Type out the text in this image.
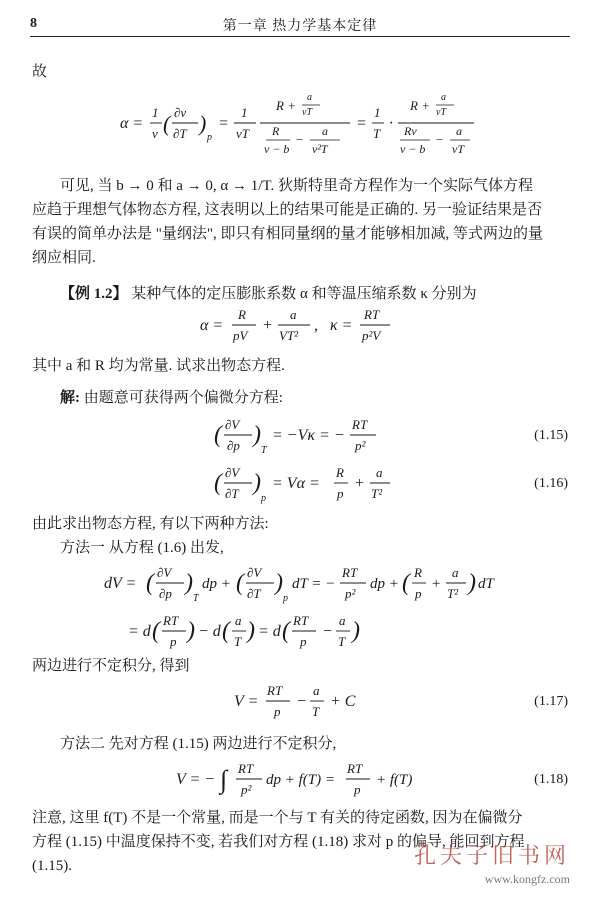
8	第一章 热力学基本定律
故
α =
1
v ( ∂v
∂T )
p
=
1
vT
R +
a
vT
R
v − b
−
a
v²T
=
1
T
·
R +
a
vT
Rv
v − b
−
a
vT
可见, 当 b → 0 和 a → 0, α → 1/T. 狄斯特里奇方程作为一个实际气体方程
应趋于理想气体物态方程, 这表明以上的结果可能是正确的. 另一验证结果是否
有误的简单办法是 "量纲法", 即只有相同量纲的量才能够相加减, 等式两边的量
纲应相同.
【例 1.2】 某种气体的定压膨胀系数 α 和等温压缩系数 κ 分别为
α =
R
pV
+
a
VT²
, κ =
RT
p²V
其中 a 和 R 均为常量. 试求出物态方程.
解: 由题意可获得两个偏微分方程:
( ∂V
∂p )
T
= −Vκ = −
RT
p²
(1.15)
( ∂V
∂T )
p
= Vα =
R
p
+
a
T²
(1.16)
由此求出物态方程, 有以下两种方法:
方法一 从方程 (1.6) 出发,
dV = ( ∂V
∂p )
T
dp + ( ∂V
∂T )
p
dT = −
RT
p²
dp + ( R
p
+
a
T² ) dT
= d ( RT
p ) − d ( a
T ) = d ( RT
p
−
a
T )
两边进行不定积分, 得到
V =
RT
p
−
a
T
+ C	(1.17)
方法二 先对方程 (1.15) 两边进行不定积分,
V = − ∫ RT
p²
dp + f(T) =
RT
p
+ f(T)	(1.18)
注意, 这里 f(T) 不是一个常量, 而是一个与 T 有关的待定函数, 因为在偏微分
方程 (1.15) 中温度保持不变, 若我们对方程 (1.18) 求对 p 的偏导, 能回到方程
(1.15).	孔夫子旧书网
www.kongfz.com
